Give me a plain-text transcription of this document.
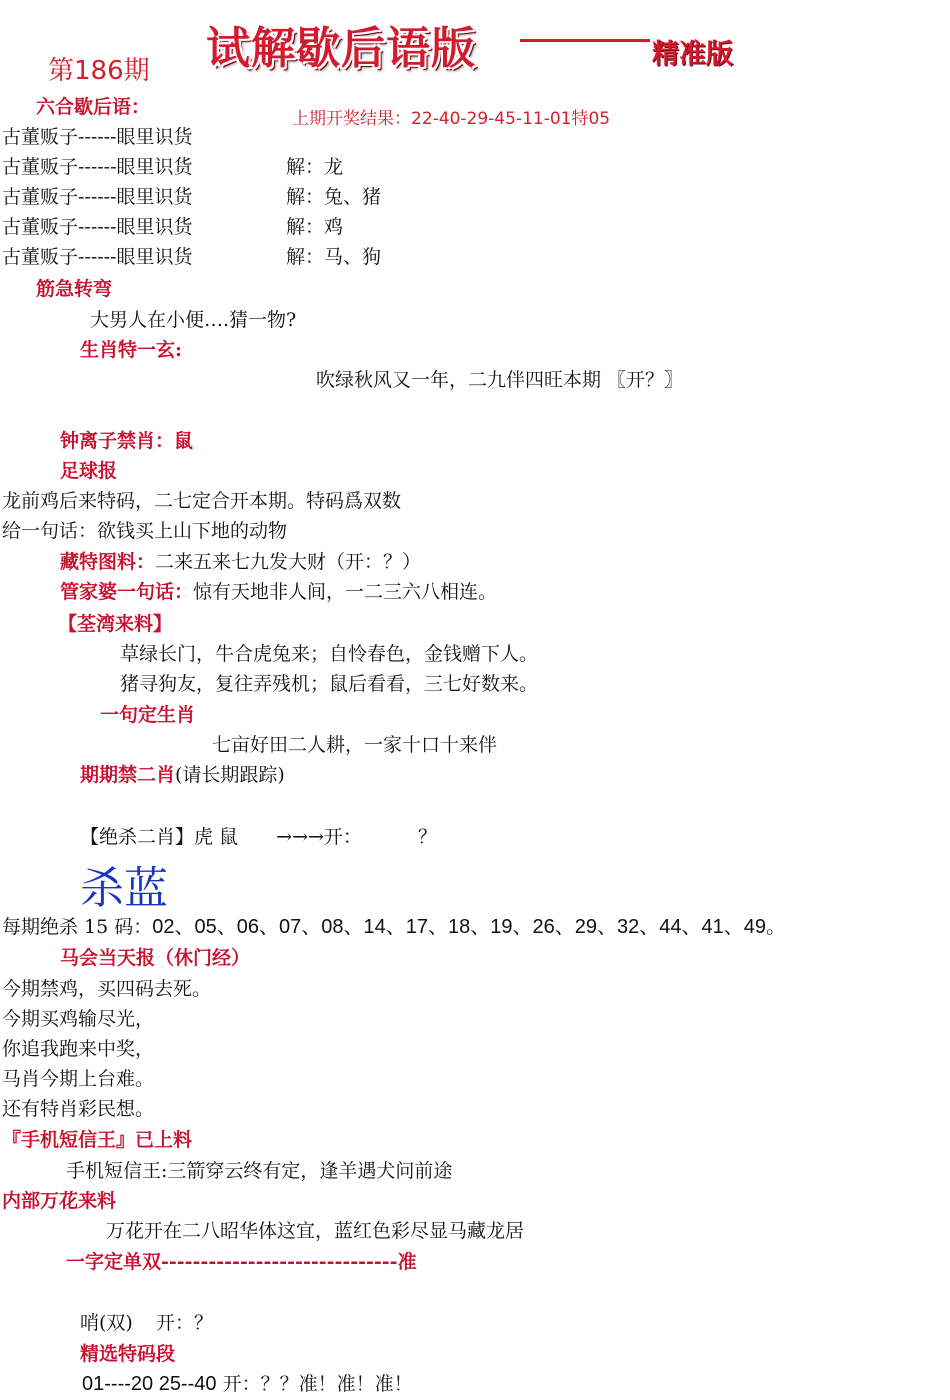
试解歇后语版	精准版
第186期
上期开奖结果：22-40-29-45-11-01特05
六合歇后语：
古董贩子------眼里识货
古董贩子------眼里识货	解：龙
古董贩子------眼里识货	解：兔、猪
古董贩子------眼里识货	解：鸡
古董贩子------眼里识货	解：马、狗
筋急转弯
大男人在小便….猜一物?
生肖特一玄:
吹绿秋风又一年，二九伴四旺本期 〖开？〗
钟离子禁肖：鼠
足球报
龙前鸡后来特码，二七定合开本期。特码爲双数
给一句话：欲钱买上山下地的动物
藏特图料：二来五来七九发大财（开：？）
管家婆一句话：惊有天地非人间，一二三六八相连。
【荃湾来料】
草绿长门，牛合虎兔来；自怜春色，金钱赠下人。
猪寻狗友，复往弄残机；鼠后看看，三七好数来。
一句定生肖
七亩好田二人耕，一家十口十来伴
期期禁二肖(请长期跟踪)
【绝杀二肖】虎 鼠 →→→开：	？
杀蓝
每期绝杀 15 码：02、05、06、07、08、14、17、18、19、26、29、32、44、41、49。
马会当天报（休门经）
今期禁鸡，买四码去死。
今期买鸡输尽光，
你追我跑来中奖，
马肖今期上台难。
还有特肖彩民想。
『手机短信王』已上料
手机短信王:三箭穿云终有定，逢羊遇犬问前途
内部万花来料
万花开在二八昭华体这宜，蓝红色彩尽显马藏龙居
一字定单双------------------------------准
哨(双) 开：？
精选特码段
01----20 25--40 开：？？准！准！准！
